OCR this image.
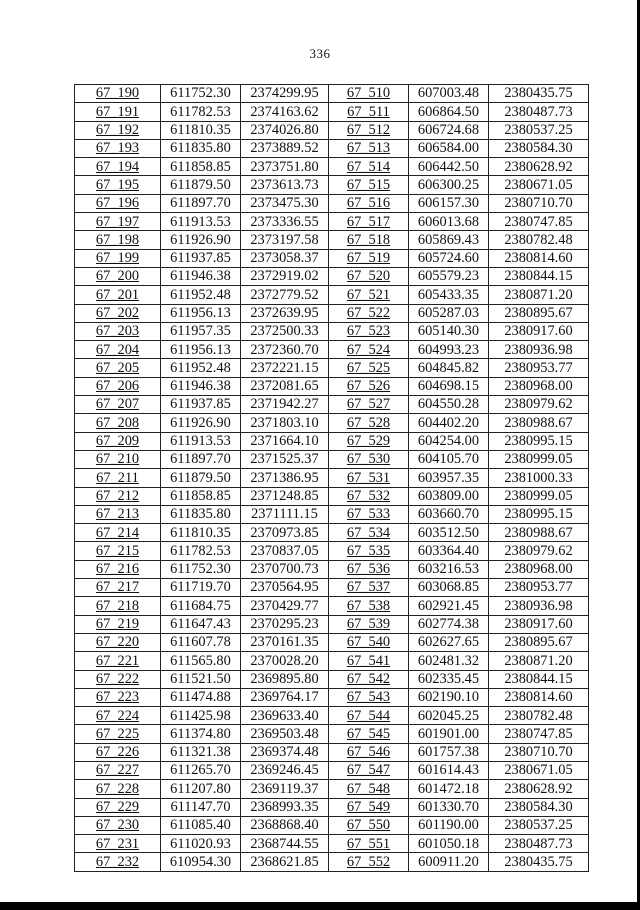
336
67_190	611752.30	2374299.95	67_510	607003.48	2380435.75
67_191	611782.53	2374163.62	67_511	606864.50	2380487.73
67_192	611810.35	2374026.80	67_512	606724.68	2380537.25
67_193	611835.80	2373889.52	67_513	606584.00	2380584.30
67_194	611858.85	2373751.80	67_514	606442.50	2380628.92
67_195	611879.50	2373613.73	67_515	606300.25	2380671.05
67_196	611897.70	2373475.30	67_516	606157.30	2380710.70
67_197	611913.53	2373336.55	67_517	606013.68	2380747.85
67_198	611926.90	2373197.58	67_518	605869.43	2380782.48
67_199	611937.85	2373058.37	67_519	605724.60	2380814.60
67_200	611946.38	2372919.02	67_520	605579.23	2380844.15
67_201	611952.48	2372779.52	67_521	605433.35	2380871.20
67_202	611956.13	2372639.95	67_522	605287.03	2380895.67
67_203	611957.35	2372500.33	67_523	605140.30	2380917.60
67_204	611956.13	2372360.70	67_524	604993.23	2380936.98
67_205	611952.48	2372221.15	67_525	604845.82	2380953.77
67_206	611946.38	2372081.65	67_526	604698.15	2380968.00
67_207	611937.85	2371942.27	67_527	604550.28	2380979.62
67_208	611926.90	2371803.10	67_528	604402.20	2380988.67
67_209	611913.53	2371664.10	67_529	604254.00	2380995.15
67_210	611897.70	2371525.37	67_530	604105.70	2380999.05
67_211	611879.50	2371386.95	67_531	603957.35	2381000.33
67_212	611858.85	2371248.85	67_532	603809.00	2380999.05
67_213	611835.80	2371111.15	67_533	603660.70	2380995.15
67_214	611810.35	2370973.85	67_534	603512.50	2380988.67
67_215	611782.53	2370837.05	67_535	603364.40	2380979.62
67_216	611752.30	2370700.73	67_536	603216.53	2380968.00
67_217	611719.70	2370564.95	67_537	603068.85	2380953.77
67_218	611684.75	2370429.77	67_538	602921.45	2380936.98
67_219	611647.43	2370295.23	67_539	602774.38	2380917.60
67_220	611607.78	2370161.35	67_540	602627.65	2380895.67
67_221	611565.80	2370028.20	67_541	602481.32	2380871.20
67_222	611521.50	2369895.80	67_542	602335.45	2380844.15
67_223	611474.88	2369764.17	67_543	602190.10	2380814.60
67_224	611425.98	2369633.40	67_544	602045.25	2380782.48
67_225	611374.80	2369503.48	67_545	601901.00	2380747.85
67_226	611321.38	2369374.48	67_546	601757.38	2380710.70
67_227	611265.70	2369246.45	67_547	601614.43	2380671.05
67_228	611207.80	2369119.37	67_548	601472.18	2380628.92
67_229	611147.70	2368993.35	67_549	601330.70	2380584.30
67_230	611085.40	2368868.40	67_550	601190.00	2380537.25
67_231	611020.93	2368744.55	67_551	601050.18	2380487.73
67_232	610954.30	2368621.85	67_552	600911.20	2380435.75
